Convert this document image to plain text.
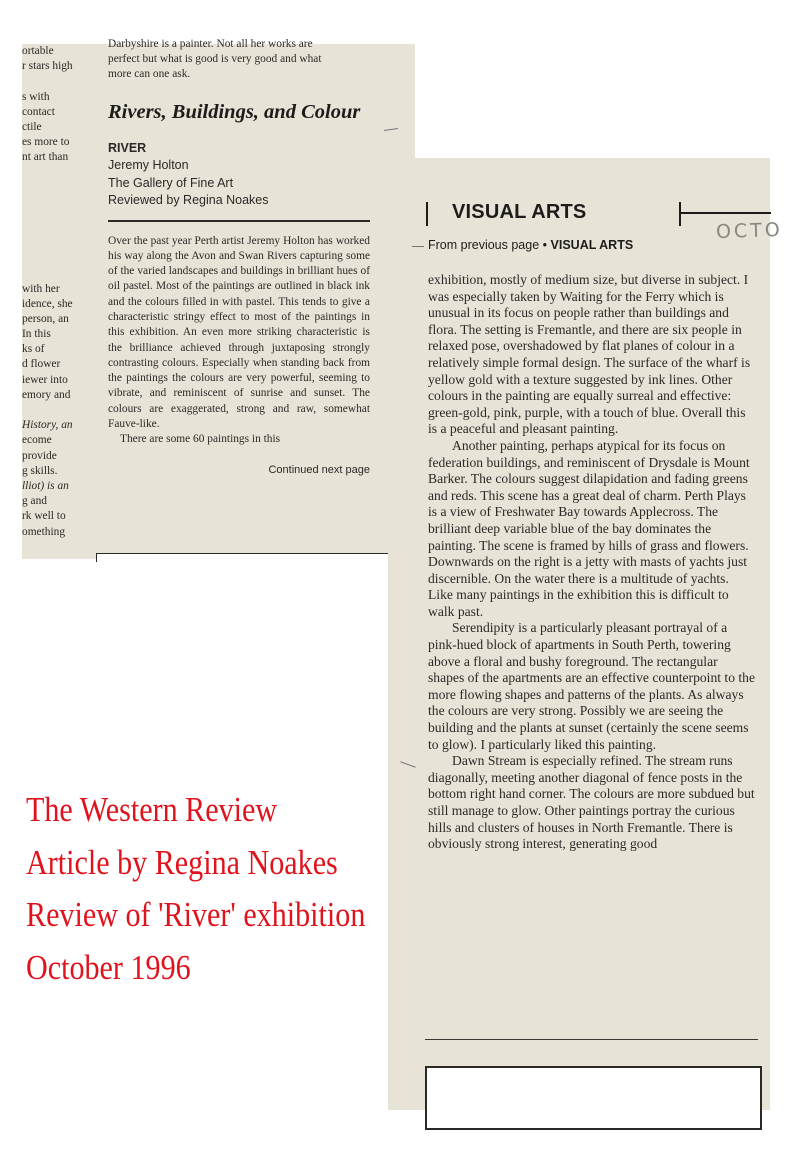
ortable
r stars high
s with
contact
ctile
es more to
nt art than
with her
idence, she
person, an
In this
ks of
d flower
iewer into
emory and
History, an
ecome
provide
g skills.
lliot) is an
g and
rk well to
omething
Darbyshire is a painter. Not all her works are
perfect but what is good is very good and what
more can one ask.
Rivers, Buildings, and Colour
RIVER
Jeremy Holton
The Gallery of Fine Art
Reviewed by Regina Noakes

Over the past year Perth artist Jeremy Holton has worked his way along the Avon and Swan Rivers capturing some of the varied landscapes and buildings in brilliant hues of oil pastel. Most of the paintings are outlined in black ink and the colours filled in with pastel. This tends to give a characteristic stringy effect to most of the paintings in this exhibition. An even more striking characteristic is the brilliance achieved through juxtaposing strongly contrasting colours. Especially when standing back from the paintings the colours are very powerful, seeming to vibrate, and reminiscent of sunrise and sunset. The colours are exaggerated, strong and raw, somewhat Fauve-like.

There are some 60 paintings in this

Continued next page
VISUAL ARTS
OCTO
From previous page • VISUAL ARTS

exhibition, mostly of medium size, but diverse in subject. I was especially taken by Waiting for the Ferry which is unusual in its focus on people rather than buildings and flora. The setting is Fremantle, and there are six people in relaxed pose, overshadowed by flat planes of colour in a relatively simple formal design. The surface of the wharf is yellow gold with a texture suggested by ink lines. Other colours in the painting are equally surreal and effective: green-gold, pink, purple, with a touch of blue. Overall this is a peaceful and pleasant painting.

Another painting, perhaps atypical for its focus on federation buildings, and reminiscent of Drysdale is Mount Barker. The colours suggest dilapidation and fading greens and reds. This scene has a great deal of charm. Perth Plays is a view of Freshwater Bay towards Applecross. The brilliant deep variable blue of the bay dominates the painting. The scene is framed by hills of grass and flowers. Downwards on the right is a jetty with masts of yachts just discernible. On the water there is a multitude of yachts. Like many paintings in the exhibition this is difficult to walk past.

Serendipity is a particularly pleasant portrayal of a pink-hued block of apartments in South Perth, towering above a floral and bushy foreground. The rectangular shapes of the apartments are an effective counterpoint to the more flowing shapes and patterns of the plants. As always the colours are very strong. Possibly we are seeing the building and the plants at sunset (certainly the scene seems to glow). I particularly liked this painting.

Dawn Stream is especially refined. The stream runs diagonally, meeting another diagonal of fence posts in the bottom right hand corner. The colours are more subdued but still manage to glow. Other paintings portray the curious hills and clusters of houses in North Fremantle. There is obviously strong interest, generating good

The Western Review
Article by Regina Noakes
Review of 'River' exhibition
October 1996
